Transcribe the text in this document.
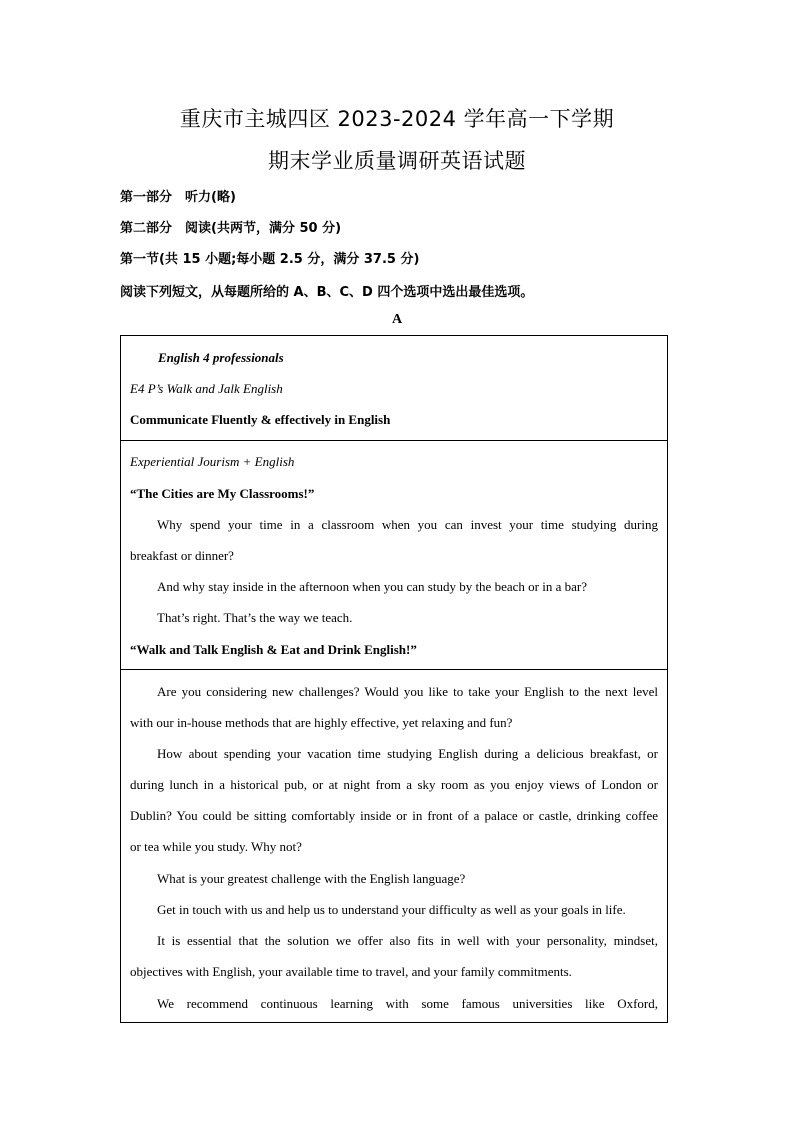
重庆市主城四区 2023-2024 学年高一下学期
期末学业质量调研英语试题
第一部分　听力(略)
第二部分　阅读(共两节，满分 50 分)
第一节(共 15 小题;每小题 2.5 分，满分 37.5 分)
阅读下列短文，从每题所给的 A、B、C、D 四个选项中选出最佳选项。
A
English 4 professionals
E4 P’s Walk and Jalk English
Communicate Fluently & effectively in English
Experiential Jourism + English
“The Cities are My Classrooms!”
Why spend your time in a classroom when you can invest your time studying during
breakfast or dinner?
And why stay inside in the afternoon when you can study by the beach or in a bar?
That’s right. That’s the way we teach.
“Walk and Talk English & Eat and Drink English!”
Are you considering new challenges? Would you like to take your English to the next level
with our in-house methods that are highly effective, yet relaxing and fun?
How about spending your vacation time studying English during a delicious breakfast, or
during lunch in a historical pub, or at night from a sky room as you enjoy views of London or
Dublin? You could be sitting comfortably inside or in front of a palace or castle, drinking coffee
or tea while you study. Why not?
What is your greatest challenge with the English language?
Get in touch with us and help us to understand your difficulty as well as your goals in life.
It is essential that the solution we offer also fits in well with your personality, mindset,
objectives with English, your available time to travel, and your family commitments.
We recommend continuous learning with some famous universities like Oxford,
